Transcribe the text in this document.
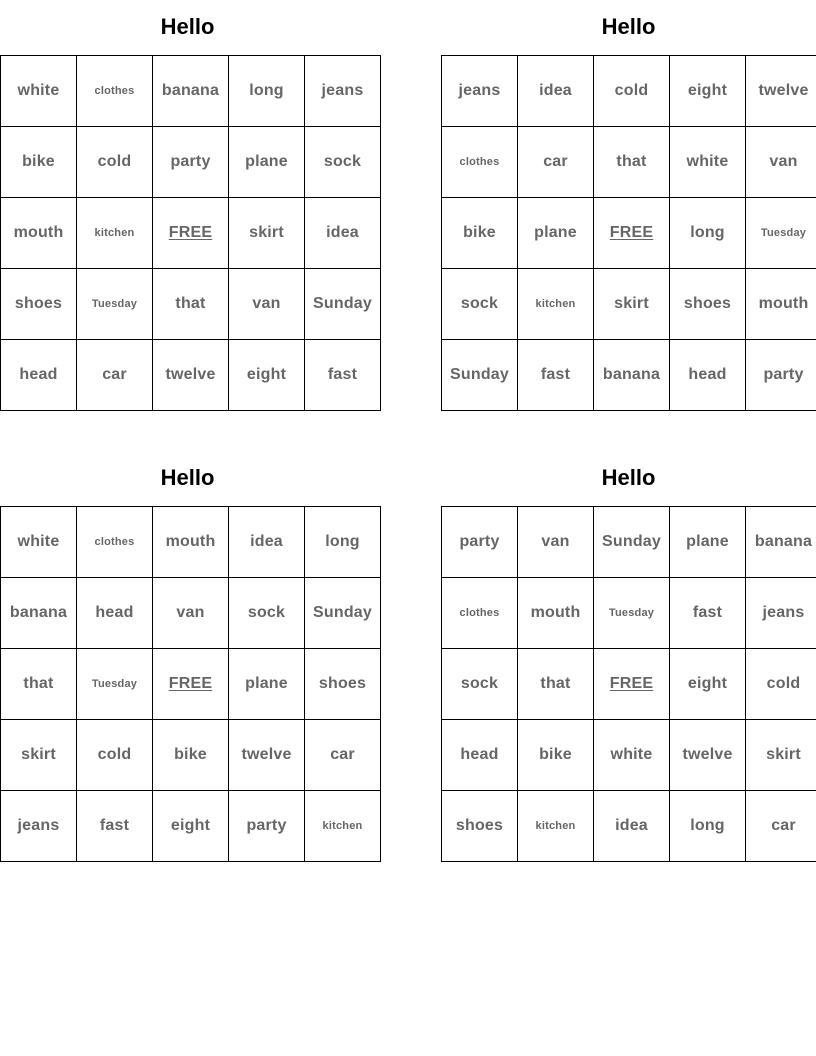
Hello
white	clothes	banana	long	jeans
bike	cold	party	plane	sock
mouth	kitchen	FREE	skirt	idea
shoes	Tuesday	that	van	Sunday
head	car	twelve	eight	fast
Hello
jeans	idea	cold	eight	twelve
clothes	car	that	white	van
bike	plane	FREE	long	Tuesday
sock	kitchen	skirt	shoes	mouth
Sunday	fast	banana	head	party
Hello
white	clothes	mouth	idea	long
banana	head	van	sock	Sunday
that	Tuesday	FREE	plane	shoes
skirt	cold	bike	twelve	car
jeans	fast	eight	party	kitchen
Hello
party	van	Sunday	plane	banana
clothes	mouth	Tuesday	fast	jeans
sock	that	FREE	eight	cold
head	bike	white	twelve	skirt
shoes	kitchen	idea	long	car
